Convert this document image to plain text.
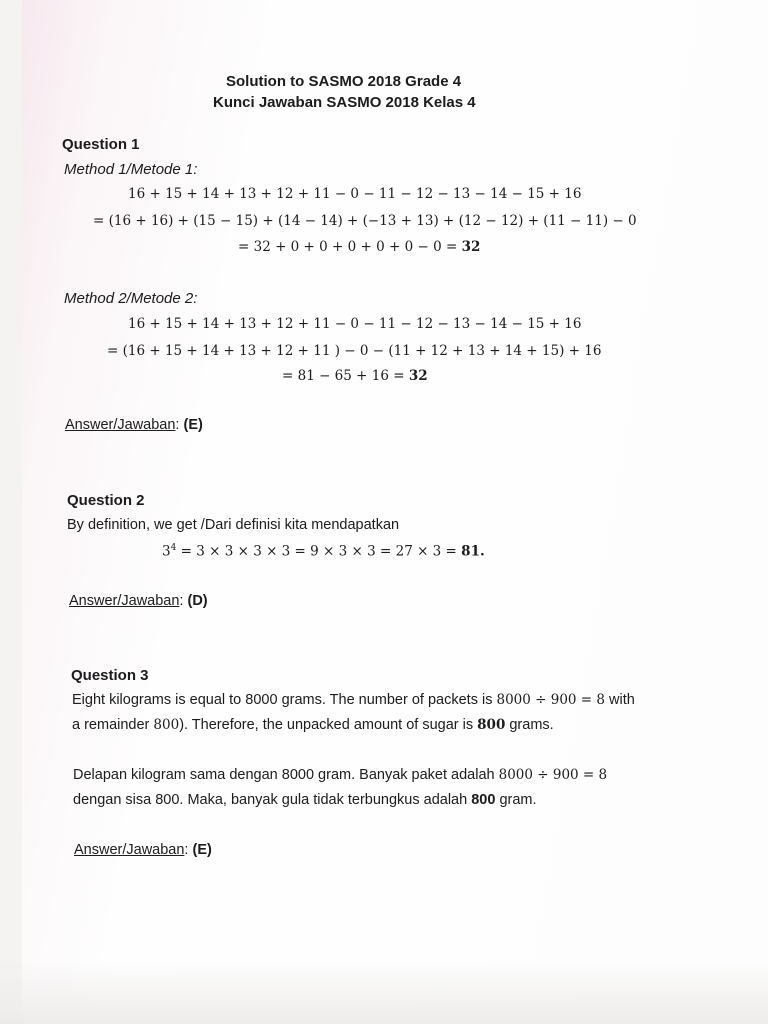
Solution to SASMO 2018 Grade 4
Kunci Jawaban SASMO 2018 Kelas 4
Question 1
Method 1/Metode 1:
16 + 15 + 14 + 13 + 12 + 11 − 0 − 11 − 12 − 13 − 14 − 15 + 16
= (16 + 16) + (15 − 15) + (14 − 14) + (−13 + 13) + (12 − 12) + (11 − 11) − 0
= 32 + 0 + 0 + 0 + 0 + 0 − 0 = 32
Method 2/Metode 2:
16 + 15 + 14 + 13 + 12 + 11 − 0 − 11 − 12 − 13 − 14 − 15 + 16
= (16 + 15 + 14 + 13 + 12 + 11 ) − 0 − (11 + 12 + 13 + 14 + 15) + 16
= 81 − 65 + 16 = 32
Answer/Jawaban: (E)
Question 2
By definition, we get /Dari definisi kita mendapatkan
$3^4 = 3 \times 3 \times 3 \times 3 = 9 \times 3 \times 3 = 27 \times 3 = 81$.
Answer/Jawaban: (D)
Question 3
Eight kilograms is equal to 8000 grams. The number of packets is 8000 ÷ 900 = 8 with
a remainder 800). Therefore, the unpacked amount of sugar is 800 grams.
Delapan kilogram sama dengan 8000 gram. Banyak paket adalah 8000 ÷ 900 = 8
dengan sisa 800. Maka, banyak gula tidak terbungkus adalah 800 gram.
Answer/Jawaban: (E)
